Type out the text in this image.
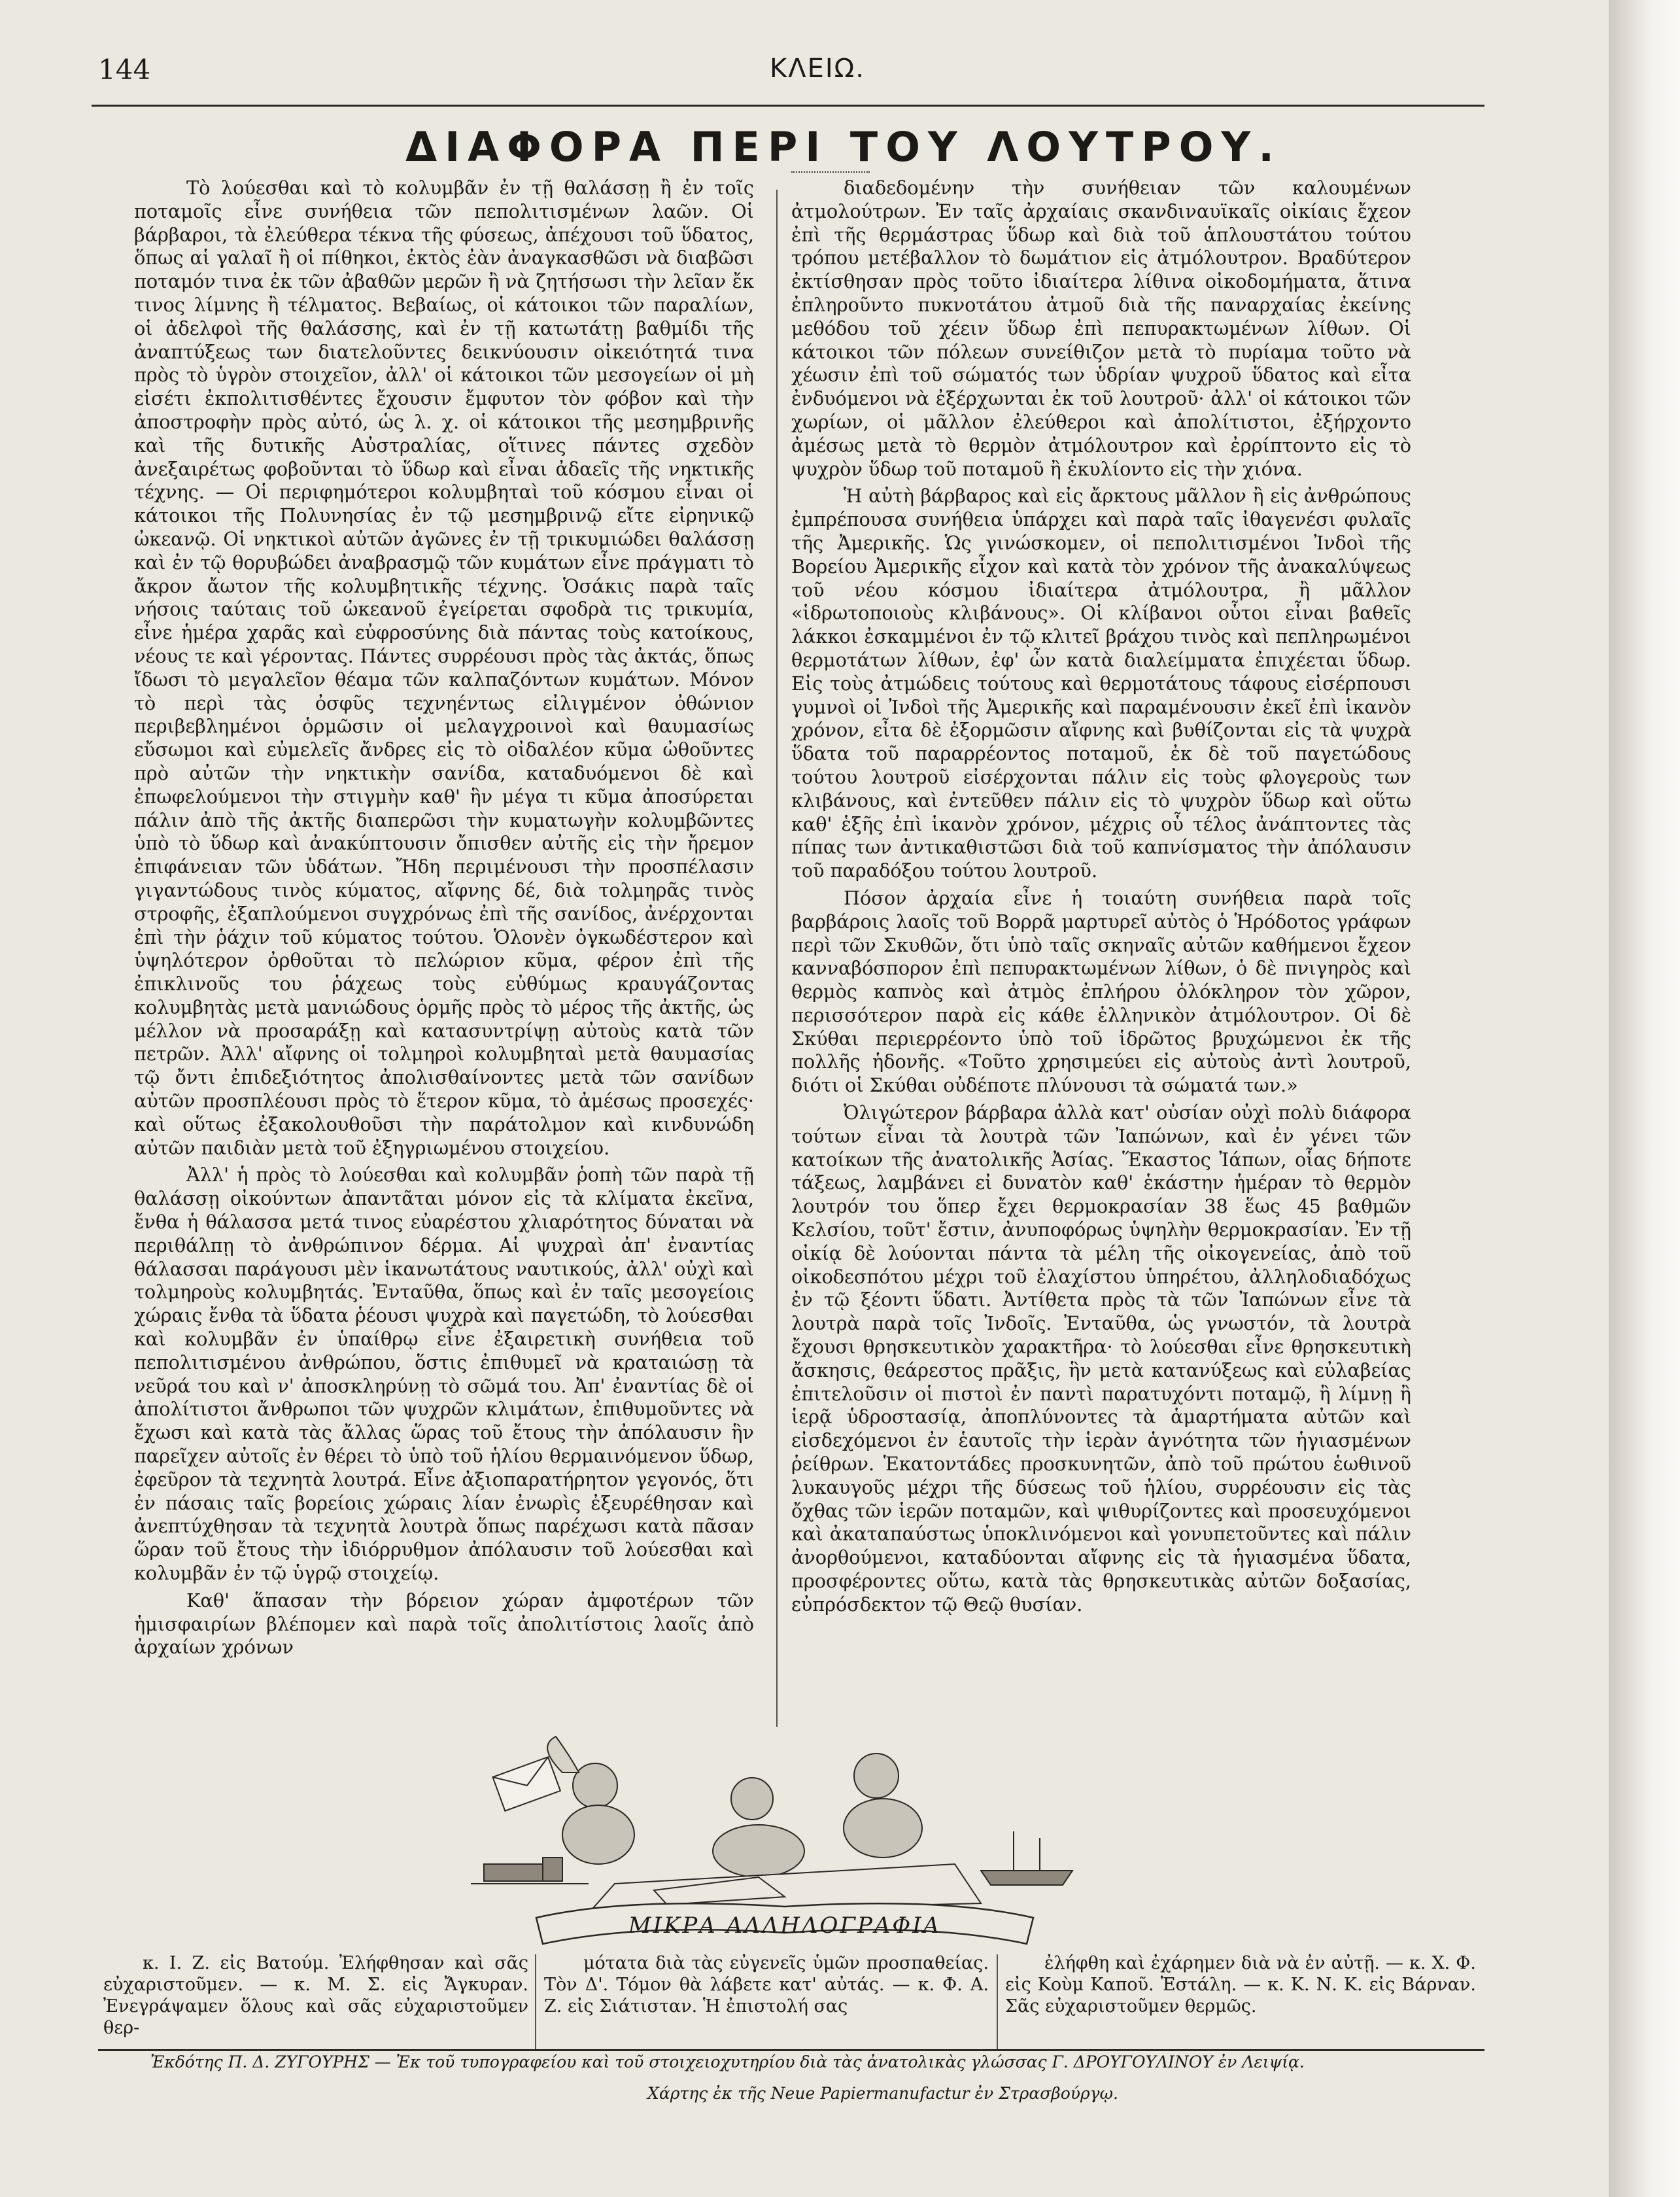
144	ΚΛΕΙΩ.
ΔΙΑΦΟΡΑ ΠΕΡΙ ΤΟΥ ΛΟΥΤΡΟΥ.

Τὸ λούεσθαι καὶ τὸ κολυμβᾶν ἐν τῇ θαλάσσῃ ἢ ἐν τοῖς ποταμοῖς εἶνε συνήθεια τῶν πεπολιτισμένων λαῶν. Οἱ βάρβαροι, τὰ ἐλεύθερα τέκνα τῆς φύσεως, ἀπέχουσι τοῦ ὕδατος, ὅπως αἱ γαλαῖ ἢ οἱ πίθηκοι, ἐκτὸς ἐὰν ἀναγκασθῶσι νὰ διαβῶσι ποταμόν τινα ἐκ τῶν ἀβαθῶν μερῶν ἢ νὰ ζητήσωσι τὴν λεῖαν ἔκ τινος λίμνης ἢ τέλματος. Βεβαίως, οἱ κάτοικοι τῶν παραλίων, οἱ ἀδελφοὶ τῆς θαλάσσης, καὶ ἐν τῇ κατωτάτῃ βαθμίδι τῆς ἀναπτύξεως των διατελοῦντες δεικνύουσιν οἰκειότητά τινα πρὸς τὸ ὑγρὸν στοιχεῖον, ἀλλ' οἱ κάτοικοι τῶν μεσογείων οἱ μὴ εἰσέτι ἐκπολιτισθέντες ἔχουσιν ἔμφυτον τὸν φόβον καὶ τὴν ἀποστροφὴν πρὸς αὐτό, ὡς λ. χ. οἱ κάτοικοι τῆς μεσημβρινῆς καὶ τῆς δυτικῆς Αὐστραλίας, οἵτινες πάντες σχεδὸν ἀνεξαιρέτως φοβοῦνται τὸ ὕδωρ καὶ εἶναι ἀδαεῖς τῆς νηκτικῆς τέχνης. — Οἱ περιφημότεροι κολυμβηταὶ τοῦ κόσμου εἶναι οἱ κάτοικοι τῆς Πολυνησίας ἐν τῷ μεσημβρινῷ εἴτε εἰρηνικῷ ὠκεανῷ. Οἱ νηκτικοὶ αὐτῶν ἀγῶνες ἐν τῇ τρικυμιώδει θαλάσσῃ καὶ ἐν τῷ θορυβώδει ἀναβρασμῷ τῶν κυμάτων εἶνε πράγματι τὸ ἄκρον ἄωτον τῆς κολυμβητικῆς τέχνης. Ὁσάκις παρὰ ταῖς νήσοις ταύταις τοῦ ὠκεανοῦ ἐγείρεται σφοδρὰ τις τρικυμία, εἶνε ἡμέρα χαρᾶς καὶ εὐφροσύνης διὰ πάντας τοὺς κατοίκους, νέους τε καὶ γέροντας. Πάντες συρρέουσι πρὸς τὰς ἀκτάς, ὅπως ἴδωσι τὸ μεγαλεῖον θέαμα τῶν καλπαζόντων κυμάτων. Μόνον τὸ περὶ τὰς ὀσφῦς τεχνηέντως εἰλιγμένον ὀθώνιον περιβεβλημένοι ὁρμῶσιν οἱ μελαγχροινοὶ καὶ θαυμασίως εὔσωμοι καὶ εὐμελεῖς ἄνδρες εἰς τὸ οἰδαλέον κῦμα ὠθοῦντες πρὸ αὐτῶν τὴν νηκτικὴν σανίδα, καταδυόμενοι δὲ καὶ ἐπωφελούμενοι τὴν στιγμὴν καθ' ἣν μέγα τι κῦμα ἀποσύρεται πάλιν ἀπὸ τῆς ἀκτῆς διαπερῶσι τὴν κυματωγὴν κολυμβῶντες ὑπὸ τὸ ὕδωρ καὶ ἀνακύπτουσιν ὄπισθεν αὐτῆς εἰς τὴν ἤρεμον ἐπιφάνειαν τῶν ὑδάτων. Ἤδη περιμένουσι τὴν προσπέλασιν γιγαντώδους τινὸς κύματος, αἴφνης δέ, διὰ τολμηρᾶς τινὸς στροφῆς, ἐξαπλούμενοι συγχρόνως ἐπὶ τῆς σανίδος, ἀνέρχονται ἐπὶ τὴν ῥάχιν τοῦ κύματος τούτου. Ὁλονὲν ὀγκωδέστερον καὶ ὑψηλότερον ὀρθοῦται τὸ πελώριον κῦμα, φέρον ἐπὶ τῆς ἐπικλινοῦς του ῥάχεως τοὺς εὐθύμως κραυγάζοντας κολυμβητὰς μετὰ μανιώδους ὁρμῆς πρὸς τὸ μέρος τῆς ἀκτῆς, ὡς μέλλον νὰ προσαράξῃ καὶ κατασυντρίψῃ αὐτοὺς κατὰ τῶν πετρῶν. Ἀλλ' αἴφνης οἱ τολμηροὶ κολυμβηταὶ μετὰ θαυμασίας τῷ ὄντι ἐπιδεξιότητος ἀπολισθαίνοντες μετὰ τῶν σανίδων αὐτῶν προσπλέουσι πρὸς τὸ ἕτερον κῦμα, τὸ ἀμέσως προσεχές· καὶ οὕτως ἐξακολουθοῦσι τὴν παράτολμον καὶ κινδυνώδη αὐτῶν παιδιὰν μετὰ τοῦ ἐξηγριωμένου στοιχείου.

Ἀλλ' ἡ πρὸς τὸ λούεσθαι καὶ κολυμβᾶν ῥοπὴ τῶν παρὰ τῇ θαλάσσῃ οἰκούντων ἀπαντᾶται μόνον εἰς τὰ κλίματα ἐκεῖνα, ἔνθα ἡ θάλασσα μετά τινος εὐαρέστου χλιαρότητος δύναται νὰ περιθάλπῃ τὸ ἀνθρώπινον δέρμα. Αἱ ψυχραὶ ἀπ' ἐναντίας θάλασσαι παράγουσι μὲν ἱκανωτάτους ναυτικούς, ἀλλ' οὐχὶ καὶ τολμηροὺς κολυμβητάς. Ἐνταῦθα, ὅπως καὶ ἐν ταῖς μεσογείοις χώραις ἔνθα τὰ ὕδατα ῥέουσι ψυχρὰ καὶ παγετώδη, τὸ λούεσθαι καὶ κολυμβᾶν ἐν ὑπαίθρῳ εἶνε ἐξαιρετικὴ συνήθεια τοῦ πεπολιτισμένου ἀνθρώπου, ὅστις ἐπιθυμεῖ νὰ κραταιώσῃ τὰ νεῦρά του καὶ ν' ἀποσκληρύνῃ τὸ σῶμά του. Ἀπ' ἐναντίας δὲ οἱ ἀπολίτιστοι ἄνθρωποι τῶν ψυχρῶν κλιμάτων, ἐπιθυμοῦντες νὰ ἔχωσι καὶ κατὰ τὰς ἄλλας ὥρας τοῦ ἔτους τὴν ἀπόλαυσιν ἣν παρεῖχεν αὐτοῖς ἐν θέρει τὸ ὑπὸ τοῦ ἡλίου θερμαινόμενον ὕδωρ, ἐφεῦρον τὰ τεχνητὰ λουτρά. Εἶνε ἀξιοπαρατήρητον γεγονός, ὅτι ἐν πάσαις ταῖς βορείοις χώραις λίαν ἐνωρὶς ἐξευρέθησαν καὶ ἀνεπτύχθησαν τὰ τεχνητὰ λουτρὰ ὅπως παρέχωσι κατὰ πᾶσαν ὥραν τοῦ ἔτους τὴν ἰδιόρρυθμον ἀπόλαυσιν τοῦ λούεσθαι καὶ κολυμβᾶν ἐν τῷ ὑγρῷ στοιχείῳ.

Καθ' ἅπασαν τὴν βόρειον χώραν ἀμφοτέρων τῶν ἡμισφαιρίων βλέπομεν καὶ παρὰ τοῖς ἀπολιτίστοις λαοῖς ἀπὸ ἀρχαίων χρόνων

διαδεδομένην τὴν συνήθειαν τῶν καλουμένων ἀτμολούτρων. Ἐν ταῖς ἀρχαίαις σκανδιναυϊκαῖς οἰκίαις ἔχεον ἐπὶ τῆς θερμάστρας ὕδωρ καὶ διὰ τοῦ ἁπλουστάτου τούτου τρόπου μετέβαλλον τὸ δωμάτιον εἰς ἀτμόλουτρον. Βραδύτερον ἐκτίσθησαν πρὸς τοῦτο ἰδιαίτερα λίθινα οἰκοδομήματα, ἅτινα ἐπληροῦντο πυκνοτάτου ἀτμοῦ διὰ τῆς παναρχαίας ἐκείνης μεθόδου τοῦ χέειν ὕδωρ ἐπὶ πεπυρακτωμένων λίθων. Οἱ κάτοικοι τῶν πόλεων συνείθιζον μετὰ τὸ πυρίαμα τοῦτο νὰ χέωσιν ἐπὶ τοῦ σώματός των ὑδρίαν ψυχροῦ ὕδατος καὶ εἶτα ἐνδυόμενοι νὰ ἐξέρχωνται ἐκ τοῦ λουτροῦ· ἀλλ' οἱ κάτοικοι τῶν χωρίων, οἱ μᾶλλον ἐλεύθεροι καὶ ἀπολίτιστοι, ἐξήρχοντο ἀμέσως μετὰ τὸ θερμὸν ἀτμόλουτρον καὶ ἐρρίπτοντο εἰς τὸ ψυχρὸν ὕδωρ τοῦ ποταμοῦ ἢ ἐκυλίοντο εἰς τὴν χιόνα.

Ἡ αὐτὴ βάρβαρος καὶ εἰς ἄρκτους μᾶλλον ἢ εἰς ἀνθρώπους ἐμπρέπουσα συνήθεια ὑπάρχει καὶ παρὰ ταῖς ἰθαγενέσι φυλαῖς τῆς Ἀμερικῆς. Ὡς γινώσκομεν, οἱ πεπολιτισμένοι Ἰνδοὶ τῆς Βορείου Ἀμερικῆς εἶχον καὶ κατὰ τὸν χρόνον τῆς ἀνακαλύψεως τοῦ νέου κόσμου ἰδιαίτερα ἀτμόλουτρα, ἢ μᾶλλον «ἱδρωτοποιοὺς κλιβάνους». Οἱ κλίβανοι οὗτοι εἶναι βαθεῖς λάκκοι ἐσκαμμένοι ἐν τῷ κλιτεῖ βράχου τινὸς καὶ πεπληρωμένοι θερμοτάτων λίθων, ἐφ' ὧν κατὰ διαλείμματα ἐπιχέεται ὕδωρ. Εἰς τοὺς ἀτμώδεις τούτους καὶ θερμοτάτους τάφους εἰσέρπουσι γυμνοὶ οἱ Ἰνδοὶ τῆς Ἀμερικῆς καὶ παραμένουσιν ἐκεῖ ἐπὶ ἱκανὸν χρόνον, εἶτα δὲ ἐξορμῶσιν αἴφνης καὶ βυθίζονται εἰς τὰ ψυχρὰ ὕδατα τοῦ παραρρέοντος ποταμοῦ, ἐκ δὲ τοῦ παγετώδους τούτου λουτροῦ εἰσέρχονται πάλιν εἰς τοὺς φλογεροὺς των κλιβάνους, καὶ ἐντεῦθεν πάλιν εἰς τὸ ψυχρὸν ὕδωρ καὶ οὕτω καθ' ἑξῆς ἐπὶ ἱκανὸν χρόνον, μέχρις οὗ τέλος ἀνάπτοντες τὰς πίπας των ἀντικαθιστῶσι διὰ τοῦ καπνίσματος τὴν ἀπόλαυσιν τοῦ παραδόξου τούτου λουτροῦ.

Πόσον ἀρχαία εἶνε ἡ τοιαύτη συνήθεια παρὰ τοῖς βαρβάροις λαοῖς τοῦ Βορρᾶ μαρτυρεῖ αὐτὸς ὁ Ἡρόδοτος γράφων περὶ τῶν Σκυθῶν, ὅτι ὑπὸ ταῖς σκηναῖς αὐτῶν καθήμενοι ἔχεον κανναβόσπορον ἐπὶ πεπυρακτωμένων λίθων, ὁ δὲ πνιγηρὸς καὶ θερμὸς καπνὸς καὶ ἀτμὸς ἐπλήρου ὁλόκληρον τὸν χῶρον, περισσότερον παρὰ εἰς κάθε ἑλληνικὸν ἀτμόλουτρον. Οἱ δὲ Σκύθαι περιερρέοντο ὑπὸ τοῦ ἱδρῶτος βρυχώμενοι ἐκ τῆς πολλῆς ἡδονῆς. «Τοῦτο χρησιμεύει εἰς αὐτοὺς ἀντὶ λουτροῦ, διότι οἱ Σκύθαι οὐδέποτε πλύνουσι τὰ σώματά των.»

Ὀλιγώτερον βάρβαρα ἀλλὰ κατ' οὐσίαν οὐχὶ πολὺ διάφορα τούτων εἶναι τὰ λουτρὰ τῶν Ἰαπώνων, καὶ ἐν γένει τῶν κατοίκων τῆς ἀνατολικῆς Ἀσίας. Ἕκαστος Ἰάπων, οἷας δήποτε τάξεως, λαμβάνει εἰ δυνατὸν καθ' ἑκάστην ἡμέραν τὸ θερμὸν λουτρόν του ὅπερ ἔχει θερμοκρασίαν 38 ἕως 45 βαθμῶν Κελσίου, τοῦτ' ἔστιν, ἀνυποφόρως ὑψηλὴν θερμοκρασίαν. Ἐν τῇ οἰκίᾳ δὲ λούονται πάντα τὰ μέλη τῆς οἰκογενείας, ἀπὸ τοῦ οἰκοδεσπότου μέχρι τοῦ ἐλαχίστου ὑπηρέτου, ἀλληλοδιαδόχως ἐν τῷ ξέοντι ὕδατι. Ἀντίθετα πρὸς τὰ τῶν Ἰαπώνων εἶνε τὰ λουτρὰ παρὰ τοῖς Ἰνδοῖς. Ἐνταῦθα, ὡς γνωστόν, τὰ λουτρὰ ἔχουσι θρησκευτικὸν χαρακτῆρα· τὸ λούεσθαι εἶνε θρησκευτικὴ ἄσκησις, θεάρεστος πρᾶξις, ἣν μετὰ κατανύξεως καὶ εὐλαβείας ἐπιτελοῦσιν οἱ πιστοὶ ἐν παντὶ παρατυχόντι ποταμῷ, ἢ λίμνῃ ἢ ἱερᾷ ὑδροστασίᾳ, ἀποπλύνοντες τὰ ἁμαρτήματα αὐτῶν καὶ εἰσδεχόμενοι ἐν ἑαυτοῖς τὴν ἱερὰν ἁγνότητα τῶν ἡγιασμένων ῥείθρων. Ἑκατοντάδες προσκυνητῶν, ἀπὸ τοῦ πρώτου ἑωθινοῦ λυκαυγοῦς μέχρι τῆς δύσεως τοῦ ἡλίου, συρρέουσιν εἰς τὰς ὄχθας τῶν ἱερῶν ποταμῶν, καὶ ψιθυρίζοντες καὶ προσευχόμενοι καὶ ἀκαταπαύστως ὑποκλινόμενοι καὶ γονυπετοῦντες καὶ πάλιν ἀνορθούμενοι, καταδύονται αἴφνης εἰς τὰ ἡγιασμένα ὕδατα, προσφέροντες οὕτω, κατὰ τὰς θρησκευτικὰς αὐτῶν δοξασίας, εὐπρόσδεκτον τῷ Θεῷ θυσίαν.

ΜΙΚΡΑ ΑΛΛΗΛΟΓΡΑΦΙΑ

κ. Ι. Ζ. εἰς Βατούμ. Ἐλήφθησαν καὶ σᾶς εὐχαριστοῦμεν. — κ. Μ. Σ. εἰς Ἄγκυραν. Ἐνεγράψαμεν ὅλους καὶ σᾶς εὐχαριστοῦμεν θερ-

μότατα διὰ τὰς εὐγενεῖς ὑμῶν προσπαθείας. Τὸν Δ'. Τόμον θὰ λάβετε κατ' αὐτάς. — κ. Φ. Α. Ζ. εἰς Σιάτισταν. Ἡ ἐπιστολή σας

ἐλήφθη καὶ ἐχάρημεν διὰ νὰ ἐν αὐτῇ. — κ. Χ. Φ. εἰς Κοὺμ Καποῦ. Ἐστάλη. — κ. Κ. Ν. Κ. εἰς Βάρναν. Σᾶς εὐχαριστοῦμεν θερμῶς.

Ἐκδότης Π. Δ. ΖΥΓΟΥΡΗΣ — Ἐκ τοῦ τυπογραφείου καὶ τοῦ στοιχειοχυτηρίου διὰ τὰς ἀνατολικὰς γλώσσας Γ. ΔΡΟΥΓΟΥΛΙΝΟΥ ἐν Λειψίᾳ.
Χάρτης ἐκ τῆς Neue Papiermanufactur ἐν Στρασβούργῳ.
